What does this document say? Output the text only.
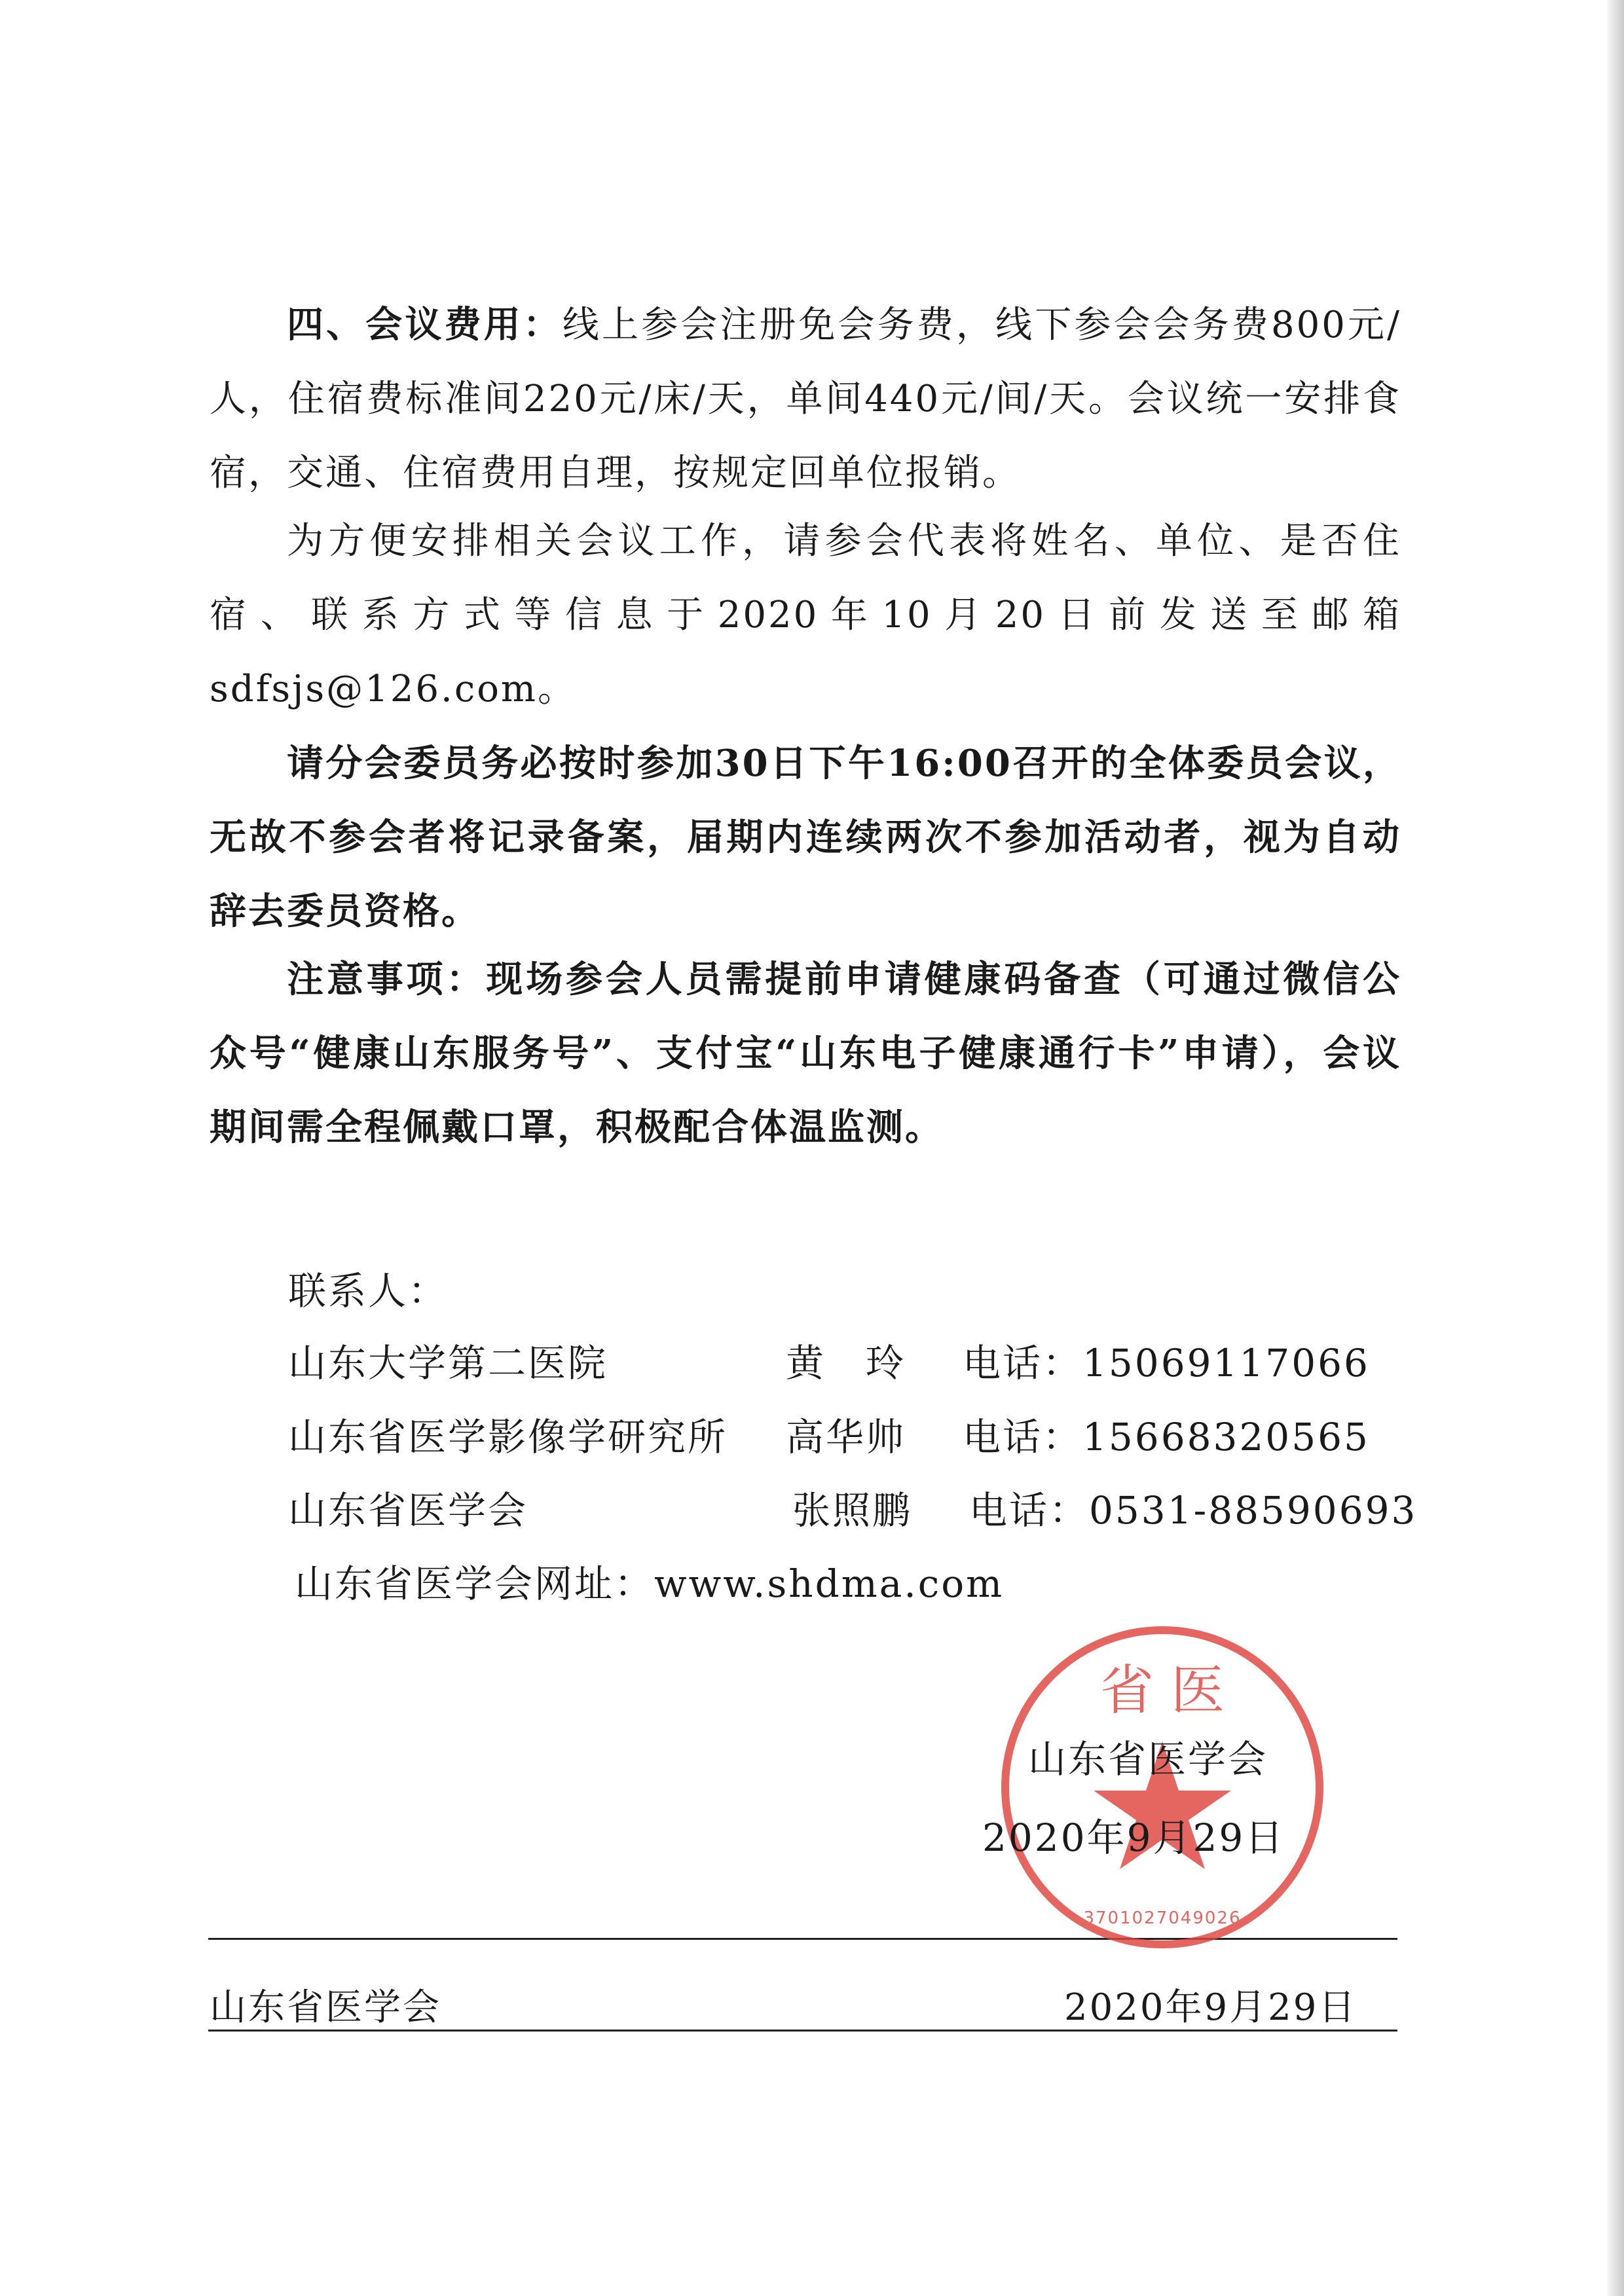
四、会议费用：线上参会注册免会务费，线下参会会务费800元/人，住宿费标准间220元/床/天，单间440元/间/天。会议统一安排食宿，交通、住宿费用自理，按规定回单位报销。

为方便安排相关会议工作，请参会代表将姓名、单位、是否住宿、联系方式等信息于2020年10月20日前发送至邮箱sdfsjs@126.com。

请分会委员务必按时参加30日下午16:00召开的全体委员会议，无故不参会者将记录备案，届期内连续两次不参加活动者，视为自动辞去委员资格。

注意事项：现场参会人员需提前申请健康码备查（可通过微信公众号“健康山东服务号”、支付宝“山东电子健康通行卡”申请），会议期间需全程佩戴口罩，积极配合体温监测。

联系人：
山东大学第二医院	黄　玲 电话：15069117066
山东省医学影像学研究所 高华帅 电话：15668320565
山东省医学会	张照鹏 电话：0531-88590693
山东省医学会网址：www.shdma.com
省 医
3701027049026
山东省医学会
2020年9月29日
山东省医学会	2020年9月29日
